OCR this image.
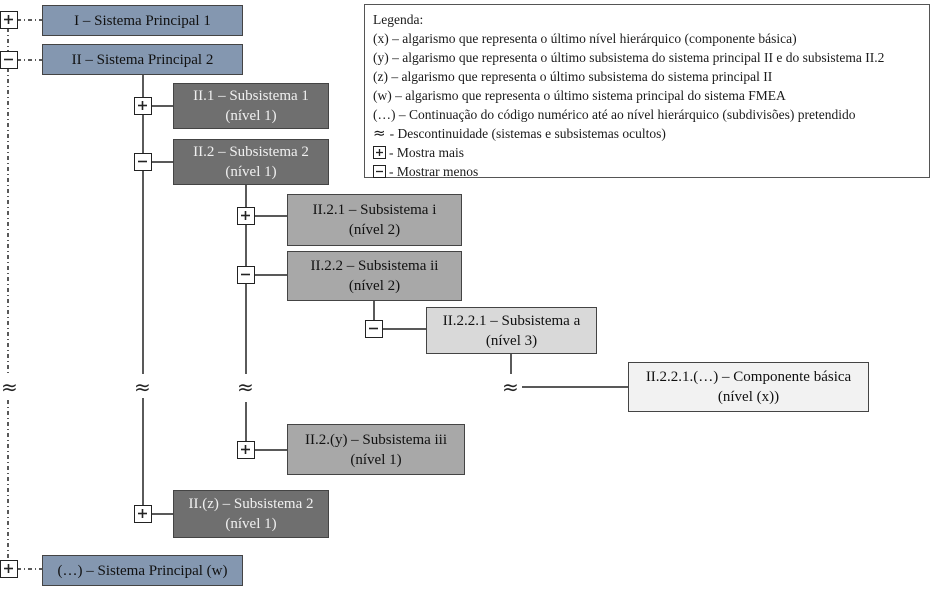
≈	≈	≈	≈
I – Sistema Principal 1
II – Sistema Principal 2
II.1 – Subsistema 1
(nível 1)
II.2 – Subsistema 2
(nível 1)
II.2.1 – Subsistema i
(nível 2)
II.2.2 – Subsistema ii
(nível 2)
II.2.2.1 – Subsistema a
(nível 3)
II.2.2.1.(…) – Componente básica
(nível (x))
II.2.(y) – Subsistema iii
(nível 1)
II.(z) – Subsistema 2
(nível 1)
(…) – Sistema Principal (w)
Legenda:
(x) – algarismo que representa o último nível hierárquico (componente básica)
(y) – algarismo que representa o último subsistema do sistema principal II e do subsistema II.2
(z) – algarismo que representa o último subsistema do sistema principal II
(w) – algarismo que representa o último sistema principal do sistema FMEA
(…) – Continuação do código numérico até ao nível hierárquico (subdivisões) pretendido
≈ - Descontinuidade (sistemas e subsistemas ocultos)
- Mostra mais
- Mostrar menos
